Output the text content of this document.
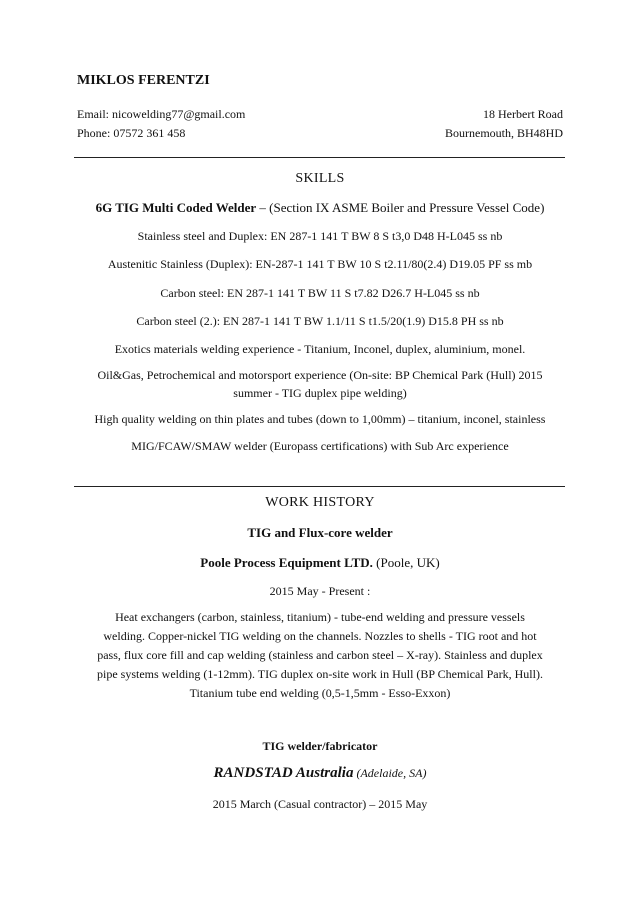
MIKLOS FERENTZI
Email: nicowelding77@gmail.com	18 Herbert Road
Phone: 07572 361 458	Bournemouth, BH48HD
SKILLS
6G TIG Multi Coded Welder – (Section IX ASME Boiler and Pressure Vessel Code)
Stainless steel and Duplex: EN 287-1 141 T BW 8 S t3,0 D48 H-L045 ss nb
Austenitic Stainless (Duplex): EN-287-1 141 T BW 10 S t2.11/80(2.4) D19.05 PF ss mb
Carbon steel: EN 287-1 141 T BW 11 S t7.82 D26.7 H-L045 ss nb
Carbon steel (2.): EN 287-1 141 T BW 1.1/11 S t1.5/20(1.9) D15.8 PH ss nb
Exotics materials welding experience - Titanium, Inconel, duplex, aluminium, monel.
Oil&Gas, Petrochemical and motorsport experience (On-site: BP Chemical Park (Hull) 2015
summer - TIG duplex pipe welding)
High quality welding on thin plates and tubes (down to 1,00mm) – titanium, inconel, stainless
MIG/FCAW/SMAW welder (Europass certifications) with Sub Arc experience
WORK HISTORY
TIG and Flux-core welder
Poole Process Equipment LTD. (Poole, UK)
2015 May - Present :
Heat exchangers (carbon, stainless, titanium) - tube-end welding and pressure vessels
welding. Copper-nickel TIG welding on the channels. Nozzles to shells - TIG root and hot
pass, flux core fill and cap welding (stainless and carbon steel – X-ray). Stainless and duplex
pipe systems welding (1-12mm). TIG duplex on-site work in Hull (BP Chemical Park, Hull).
Titanium tube end welding (0,5-1,5mm - Esso-Exxon)
TIG welder/fabricator
RANDSTAD Australia (Adelaide, SA)
2015 March (Casual contractor) – 2015 May
